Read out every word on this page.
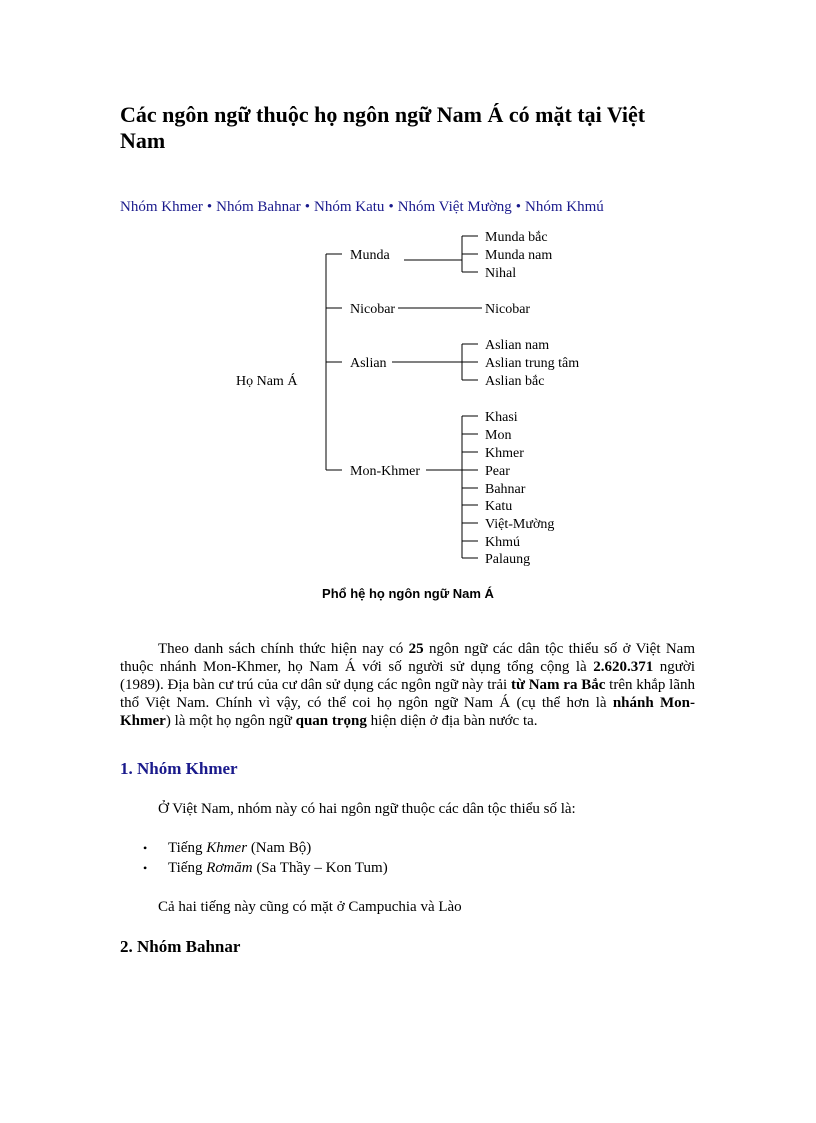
Các ngôn ngữ thuộc họ ngôn ngữ Nam Á có mặt tại Việt Nam
Nhóm Khmer • Nhóm Bahnar • Nhóm Katu • Nhóm Việt Mường • Nhóm Khmú
Họ Nam Á
Munda
Munda bắc
Munda nam
Nihal
Nicobar	Nicobar
Aslian
Aslian nam
Aslian trung tâm
Aslian bắc
Mon-Khmer
Khasi
Mon
Khmer
Pear
Bahnar
Katu
Việt-Mường
Khmú
Palaung
Phổ hệ họ ngôn ngữ Nam Á

Theo danh sách chính thức hiện nay có 25 ngôn ngữ các dân tộc thiểu số ở Việt Nam thuộc nhánh Mon-Khmer, họ Nam Á với số người sử dụng tổng cộng là 2.620.371 người (1989). Địa bàn cư trú của cư dân sử dụng các ngôn ngữ này trải từ Nam ra Bắc trên khắp lãnh thổ Việt Nam. Chính vì vậy, có thể coi họ ngôn ngữ Nam Á (cụ thể hơn là nhánh Mon-Khmer) là một họ ngôn ngữ quan trọng hiện diện ở địa bàn nước ta.

1. Nhóm Khmer

Ở Việt Nam, nhóm này có hai ngôn ngữ thuộc các dân tộc thiểu số là:

• Tiếng Khmer (Nam Bộ)
• Tiếng Rơmăm (Sa Thầy – Kon Tum)

Cả hai tiếng này cũng có mặt ở Campuchia và Lào

2. Nhóm Bahnar
